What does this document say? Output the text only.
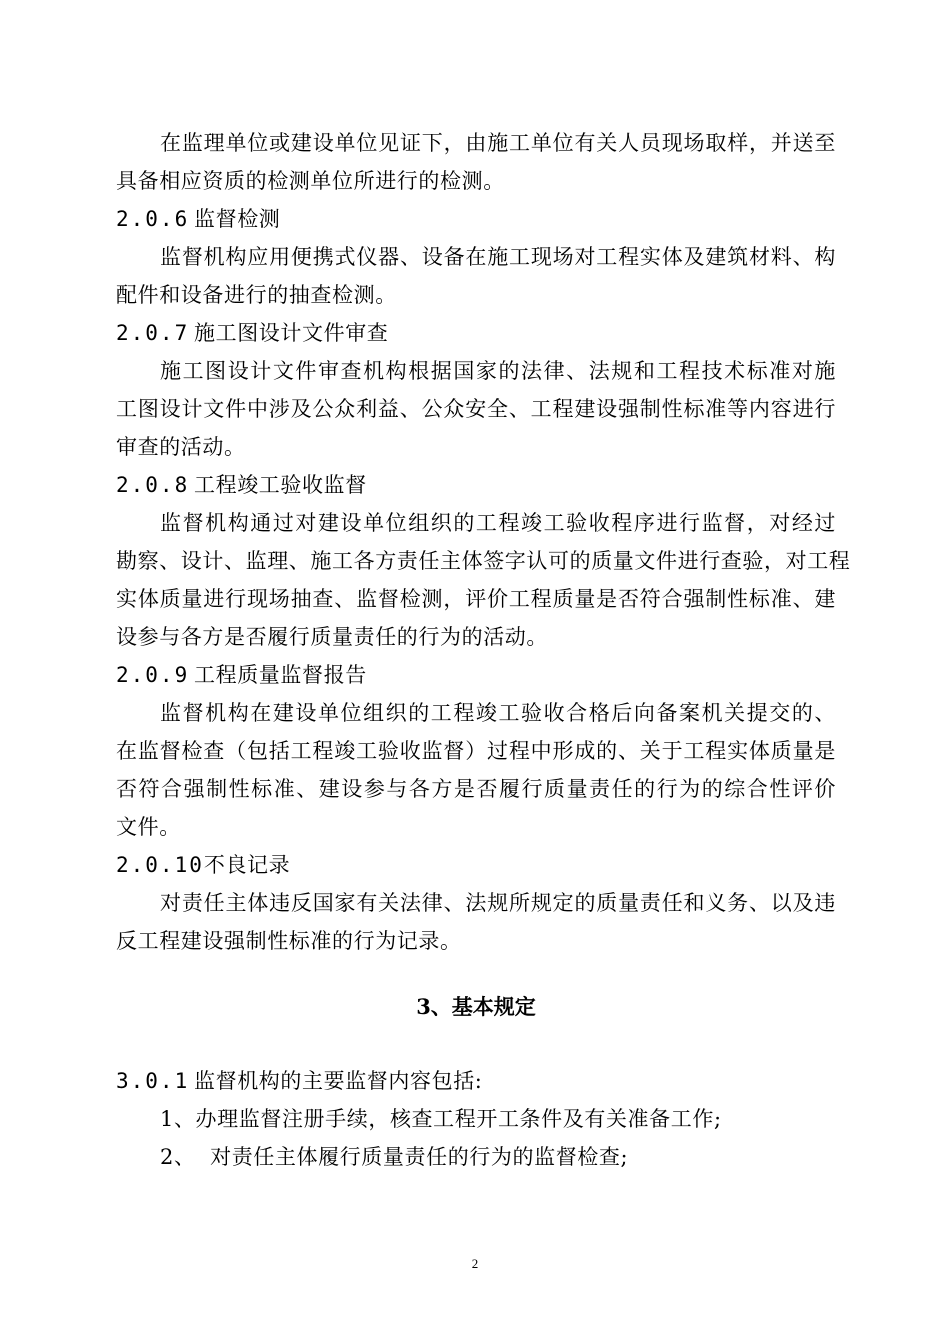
在监理单位或建设单位见证下，由施工单位有关人员现场取样，并送至
具备相应资质的检测单位所进行的检测。
2.0.6 监督检测
监督机构应用便携式仪器、设备在施工现场对工程实体及建筑材料、构
配件和设备进行的抽查检测。
2.0.7 施工图设计文件审查
施工图设计文件审查机构根据国家的法律、法规和工程技术标准对施
工图设计文件中涉及公众利益、公众安全、工程建设强制性标准等内容进行
审查的活动。
2.0.8 工程竣工验收监督
监督机构通过对建设单位组织的工程竣工验收程序进行监督，对经过
勘察、设计、监理、施工各方责任主体签字认可的质量文件进行查验，对工程
实体质量进行现场抽查、监督检测，评价工程质量是否符合强制性标准、建
设参与各方是否履行质量责任的行为的活动。
2.0.9 工程质量监督报告
监督机构在建设单位组织的工程竣工验收合格后向备案机关提交的、
在监督检查（包括工程竣工验收监督）过程中形成的、关于工程实体质量是
否符合强制性标准、建设参与各方是否履行质量责任的行为的综合性评价
文件。
2.0.10不良记录
对责任主体违反国家有关法律、法规所规定的质量责任和义务、以及违
反工程建设强制性标准的行为记录。
3、基本规定
3.0.1 监督机构的主要监督内容包括:
1、办理监督注册手续，核查工程开工条件及有关准备工作;
2、  对责任主体履行质量责任的行为的监督检查;
2
